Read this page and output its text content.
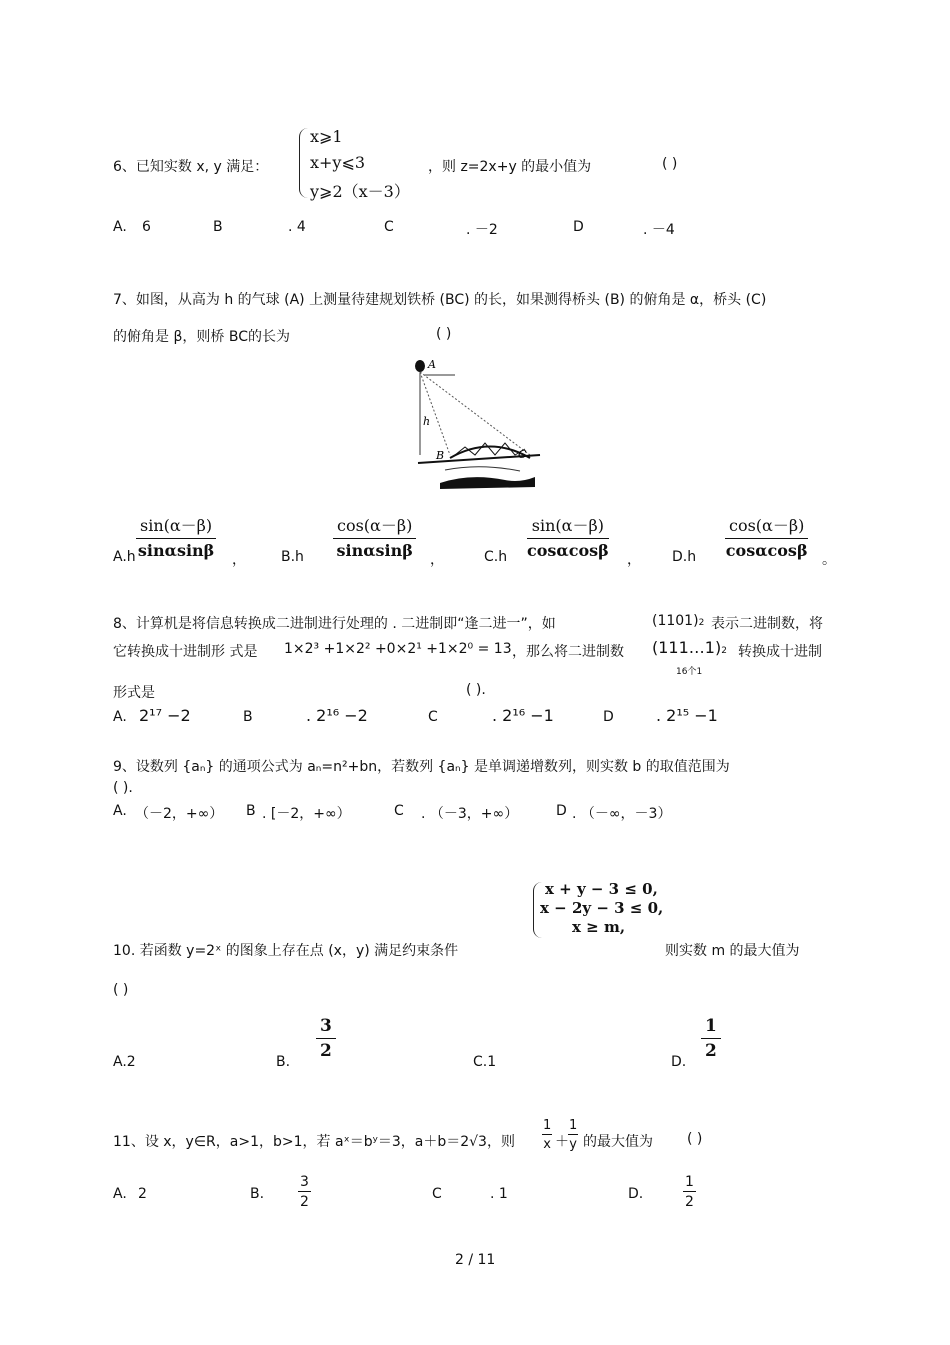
6、已知实数 x, y 满足：
x⩾1
x+y⩽3
y⩾2（x－3）
，则 z=2x+y 的最小值为	( )
A. 6	B	. 4	C	. －2	D	. －4
7、如图，从高为 h 的气球 (A) 上测量待建规划铁桥 (BC) 的长，如果测得桥头 (B) 的俯角是 α，桥头 (C)
的俯角是 β，则桥 BC的长为	( )
A
h
B	C
$A.h \frac{\sin(\alpha-\beta)}{\sin\alpha\sin\beta}$ ，	$B.h \frac{\cos(\alpha-\beta)}{\sin\alpha\sin\beta}$ ，	$C.h \frac{\sin(\alpha-\beta)}{\cos\alpha\cos\beta}$ ， $D.h \frac{\cos(\alpha-\beta)}{\cos\alpha\cos\beta}$ 。
8、计算机是将信息转换成二进制进行处理的 . 二进制即“逢二进一”，如	(1101)2 表示二进制数，将
它转换成十进制形 式是 1×2³ +1×2² +0×2¹ +1×2⁰ = 13 ，那么将二进制数 (111…1)2
16个1
转换成十进制
形式是	( ).
A. 2¹⁷ −2	B	. 2¹⁶ −2	C	. 2¹⁶ −1	D	. 2¹⁵ −1
9、设数列 {aₙ} 的通项公式为 aₙ=n²+bn，若数列 {aₙ} 是单调递增数列，则实数 b 的取值范围为
( ).
A. （－2，+∞） B . [－2，+∞）	C . （－3，+∞）	D . （－∞，－3）
10. 若函数 y=2ˣ 的图象上存在点 (x，y) 满足约束条件
x + y − 3 ≤ 0,
x − 2y − 3 ≤ 0,
x ≥ m,
则实数 m 的最大值为
( )
A.2	B.
$\frac{3}{2}$
C.1	D.
$\frac{1}{2}$
11、设 x，y∈R，a>1，b>1，若 aˣ＝bʸ＝3，a＋b＝2√3，则 $\frac{1}{x} + \frac{1}{y}$ 的最大值为 ( )
A. 2	B. $\frac{3}{2}$	C	. 1	D.	$\frac{1}{2}$
2 / 11
